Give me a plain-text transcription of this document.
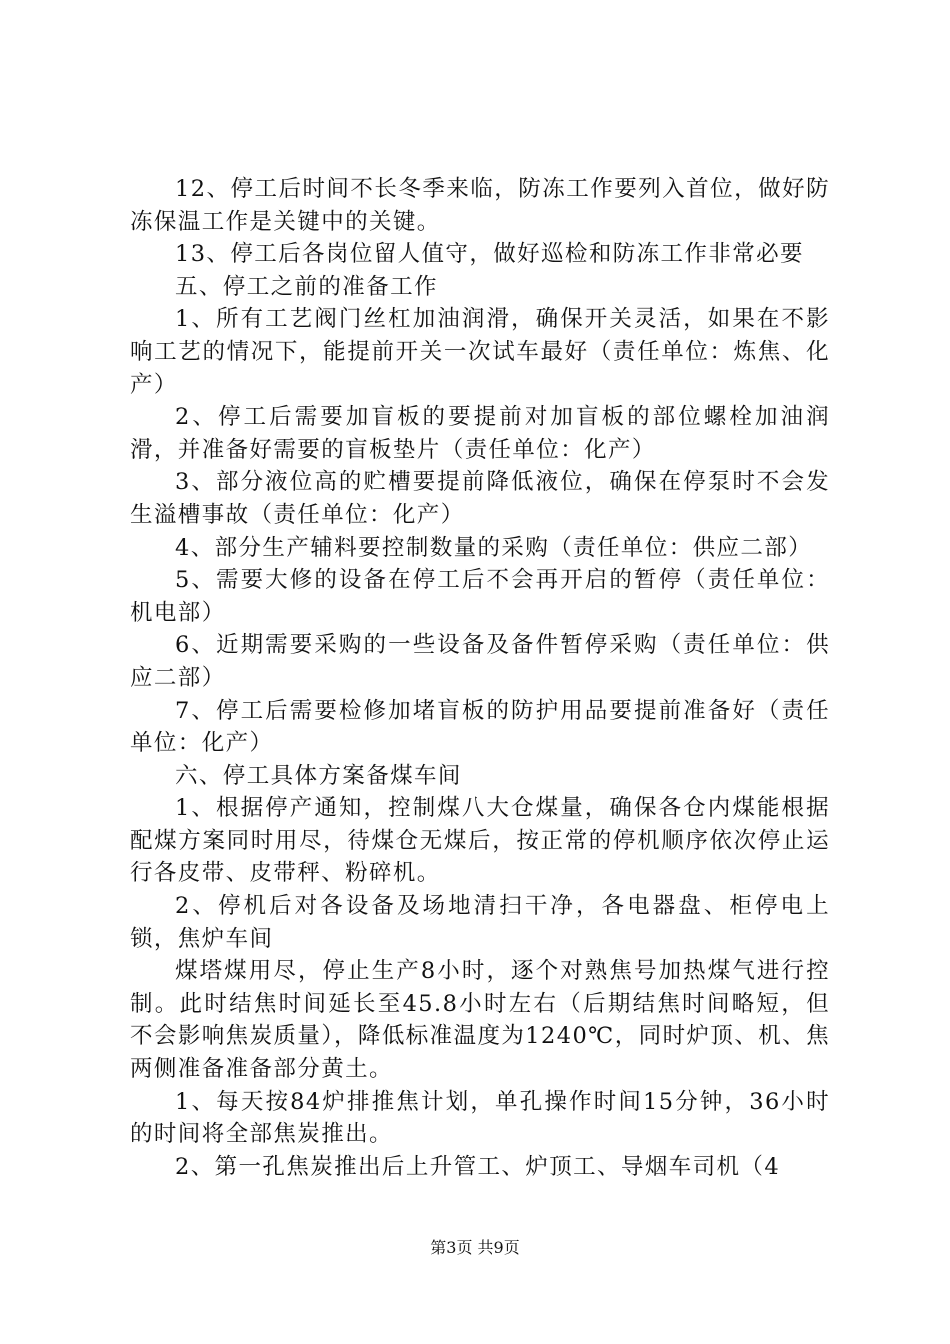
12、停工后时间不长冬季来临，防冻工作要列入首位，做好防冻保温工作是关键中的关键。

13、停工后各岗位留人值守，做好巡检和防冻工作非常必要

五、停工之前的准备工作

1、所有工艺阀门丝杠加油润滑，确保开关灵活，如果在不影响工艺的情况下，能提前开关一次试车最好（责任单位：炼焦、化产）

2、停工后需要加盲板的要提前对加盲板的部位螺栓加油润滑，并准备好需要的盲板垫片（责任单位：化产）

3、部分液位高的贮槽要提前降低液位，确保在停泵时不会发生溢槽事故（责任单位：化产）

4、部分生产辅料要控制数量的采购（责任单位：供应二部）

5、需要大修的设备在停工后不会再开启的暂停（责任单位：机电部）

6、近期需要采购的一些设备及备件暂停采购（责任单位：供应二部）

7、停工后需要检修加堵盲板的防护用品要提前准备好（责任单位：化产）

六、停工具体方案备煤车间

1、根据停产通知，控制煤八大仓煤量，确保各仓内煤能根据配煤方案同时用尽，待煤仓无煤后，按正常的停机顺序依次停止运行各皮带、皮带秤、粉碎机。

2、停机后对各设备及场地清扫干净，各电器盘、柜停电上锁，焦炉车间

煤塔煤用尽，停止生产8小时，逐个对熟焦号加热煤气进行控制。此时结焦时间延长至45.8小时左右（后期结焦时间略短，但不会影响焦炭质量），降低标准温度为1240℃，同时炉顶、机、焦两侧准备准备部分黄土。

1、每天按84炉排推焦计划，单孔操作时间15分钟，36小时的时间将全部焦炭推出。

2、第一孔焦炭推出后上升管工、炉顶工、导烟车司机（4

第3页 共9页
